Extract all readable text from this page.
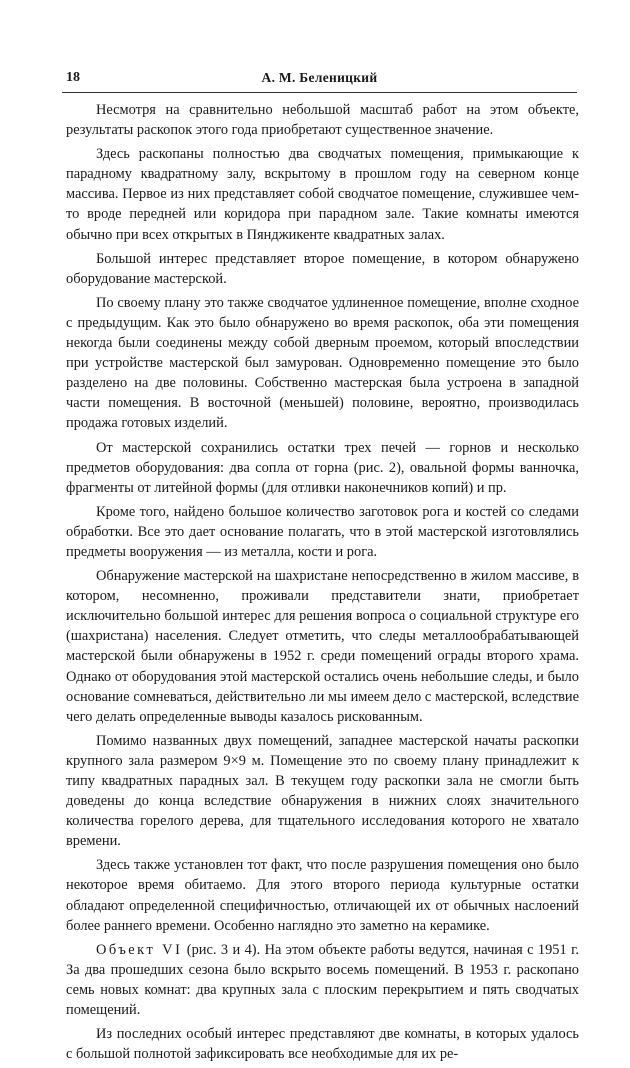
18	А. М. Беленицкий

Несмотря на сравнительно небольшой масштаб работ на этом объекте, результаты раскопок этого года приобретают существенное значение.

Здесь раскопаны полностью два сводчатых помещения, примыкающие к парадному квадратному залу, вскрытому в прошлом году на северном конце массива. Первое из них представляет собой сводчатое помещение, служившее чем-то вроде передней или коридора при парадном зале. Такие комнаты имеются обычно при всех открытых в Пянджикенте квадратных залах.

Большой интерес представляет второе помещение, в котором обнаружено оборудование мастерской.

По своему плану это также сводчатое удлиненное помещение, вполне сходное с предыдущим. Как это было обнаружено во время раскопок, оба эти помещения некогда были соединены между собой дверным проемом, который впоследствии при устройстве мастерской был замурован. Одновременно помещение это было разделено на две половины. Собственно мастерская была устроена в западной части помещения. В восточной (меньшей) половине, вероятно, производилась продажа готовых изделий.

От мастерской сохранились остатки трех печей — горнов и несколько предметов оборудования: два сопла от горна (рис. 2), овальной формы ванночка, фрагменты от литейной формы (для отливки наконечников копий) и пр.

Кроме того, найдено большое количество заготовок рога и костей со следами обработки. Все это дает основание полагать, что в этой мастерской изготовлялись предметы вооружения — из металла, кости и рога.

Обнаружение мастерской на шахристане непосредственно в жилом массиве, в котором, несомненно, проживали представители знати, приобретает исключительно большой интерес для решения вопроса о социальной структуре его (шахристана) населения. Следует отметить, что следы металлообрабатывающей мастерской были обнаружены в 1952 г. среди помещений ограды второго храма. Однако от оборудования этой мастерской остались очень небольшие следы, и было основание сомневаться, действительно ли мы имеем дело с мастерской, вследствие чего делать определенные выводы казалось рискованным.

Помимо названных двух помещений, западнее мастерской начаты раскопки крупного зала размером 9×9 м. Помещение это по своему плану принадлежит к типу квадратных парадных зал. В текущем году раскопки зала не смогли быть доведены до конца вследствие обнаружения в нижних слоях значительного количества горелого дерева, для тщательного исследования которого не хватало времени.

Здесь также установлен тот факт, что после разрушения помещения оно было некоторое время обитаемо. Для этого второго периода культурные остатки обладают определенной специфичностью, отличающей их от обычных наслоений более раннего времени. Особенно наглядно это заметно на керамике.

Объект VI (рис. 3 и 4). На этом объекте работы ведутся, начиная с 1951 г. За два прошедших сезона было вскрыто восемь помещений. В 1953 г. раскопано семь новых комнат: два крупных зала с плоским перекрытием и пять сводчатых помещений.

Из последних особый интерес представляют две комнаты, в которых удалось с большой полнотой зафиксировать все необходимые для их ре-
